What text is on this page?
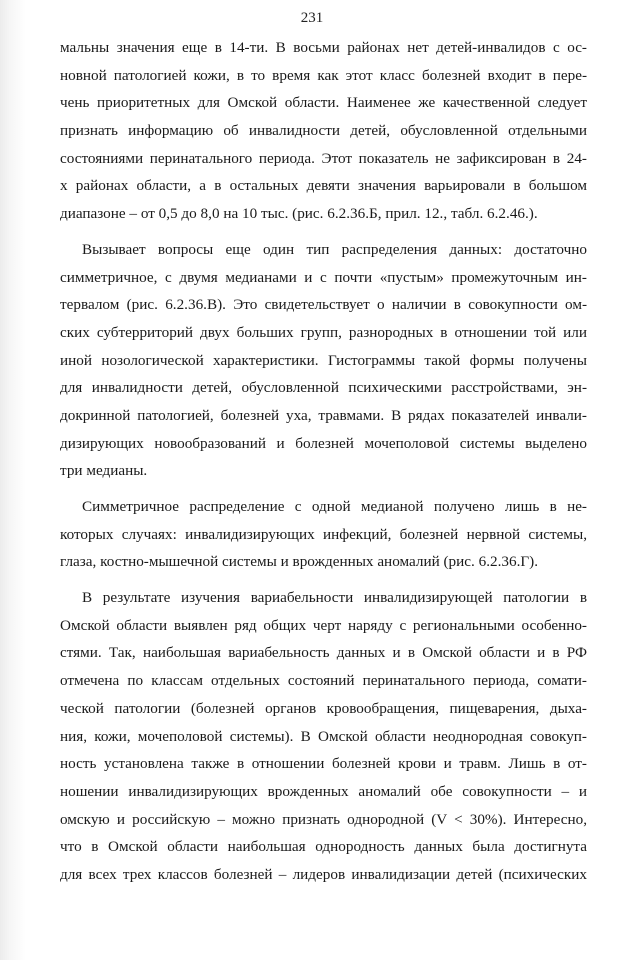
231
мальны значения еще в 14-ти. В восьми районах нет детей-инвалидов с ос-
новной патологией кожи, в то время как этот класс болезней входит в пере-
чень приоритетных для Омской области. Наименее же качественной следует
признать информацию об инвалидности детей, обусловленной отдельными
состояниями перинатального периода. Этот показатель не зафиксирован в 24-
х районах области, а в остальных девяти значения варьировали в большом
диапазоне – от 0,5 до 8,0 на 10 тыс. (рис. 6.2.36.Б, прил. 12., табл. 6.2.46.).
Вызывает вопросы еще один тип распределения данных: достаточно
симметричное, с двумя медианами и с почти «пустым» промежуточным ин-
тервалом (рис. 6.2.36.В). Это свидетельствует о наличии в совокупности ом-
ских субтерриторий двух больших групп, разнородных в отношении той или
иной нозологической характеристики. Гистограммы такой формы получены
для инвалидности детей, обусловленной психическими расстройствами, эн-
докринной патологией, болезней уха, травмами. В рядах показателей инвали-
дизирующих новообразований и болезней мочеполовой системы выделено
три медианы.
Симметричное распределение с одной медианой получено лишь в не-
которых случаях: инвалидизирующих инфекций, болезней нервной системы,
глаза, костно-мышечной системы и врожденных аномалий (рис. 6.2.36.Г).
В результате изучения вариабельности инвалидизирующей патологии в
Омской области выявлен ряд общих черт наряду с региональными особенно-
стями. Так, наибольшая вариабельность данных и в Омской области и в РФ
отмечена по классам отдельных состояний перинатального периода, сомати-
ческой патологии (болезней органов кровообращения, пищеварения, дыха-
ния, кожи, мочеполовой системы). В Омской области неоднородная совокуп-
ность установлена также в отношении болезней крови и травм. Лишь в от-
ношении инвалидизирующих врожденных аномалий обе совокупности – и
омскую и российскую – можно признать однородной (V < 30%). Интересно,
что в Омской области наибольшая однородность данных была достигнута
для всех трех классов болезней – лидеров инвалидизации детей (психических
